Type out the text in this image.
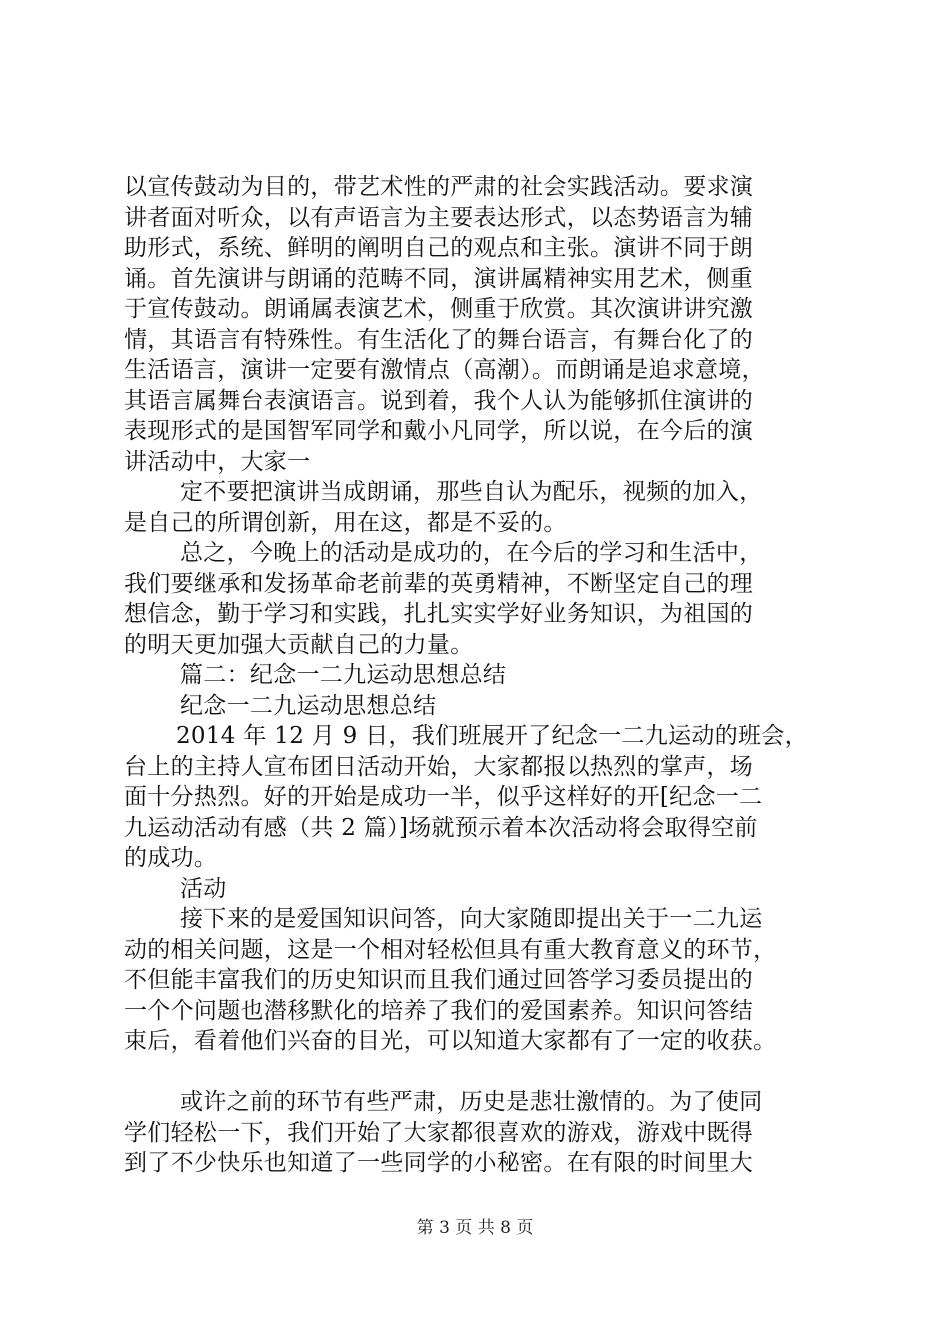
以宣传鼓动为目的，带艺术性的严肃的社会实践活动。要求演
讲者面对听众，以有声语言为主要表达形式，以态势语言为辅
助形式，系统、鲜明的阐明自己的观点和主张。演讲不同于朗
诵。首先演讲与朗诵的范畴不同，演讲属精神实用艺术，侧重
于宣传鼓动。朗诵属表演艺术，侧重于欣赏。其次演讲讲究激
情，其语言有特殊性。有生活化了的舞台语言，有舞台化了的
生活语言，演讲一定要有激情点（高潮）。而朗诵是追求意境，
其语言属舞台表演语言。说到着，我个人认为能够抓住演讲的
表现形式的是国智军同学和戴小凡同学，所以说，在今后的演
讲活动中，大家一
定不要把演讲当成朗诵，那些自认为配乐，视频的加入，
是自己的所谓创新，用在这，都是不妥的。
总之，今晚上的活动是成功的，在今后的学习和生活中，
我们要继承和发扬革命老前辈的英勇精神，不断坚定自己的理
想信念，勤于学习和实践，扎扎实实学好业务知识，为祖国的
的明天更加强大贡献自己的力量。
篇二：纪念一二九运动思想总结
纪念一二九运动思想总结
2014 年 12 月 9 日，我们班展开了纪念一二九运动的班会，
台上的主持人宣布团日活动开始，大家都报以热烈的掌声，场
面十分热烈。好的开始是成功一半，似乎这样好的开[纪念一二
九运动活动有感（共 2 篇）]场就预示着本次活动将会取得空前
的成功。
活动
接下来的是爱国知识问答，向大家随即提出关于一二九运
动的相关问题，这是一个相对轻松但具有重大教育意义的环节，
不但能丰富我们的历史知识而且我们通过回答学习委员提出的
一个个问题也潜移默化的培养了我们的爱国素养。知识问答结
束后，看着他们兴奋的目光，可以知道大家都有了一定的收获。
或许之前的环节有些严肃，历史是悲壮激情的。为了使同
学们轻松一下，我们开始了大家都很喜欢的游戏，游戏中既得
到了不少快乐也知道了一些同学的小秘密。在有限的时间里大
第 3 页 共 8 页
